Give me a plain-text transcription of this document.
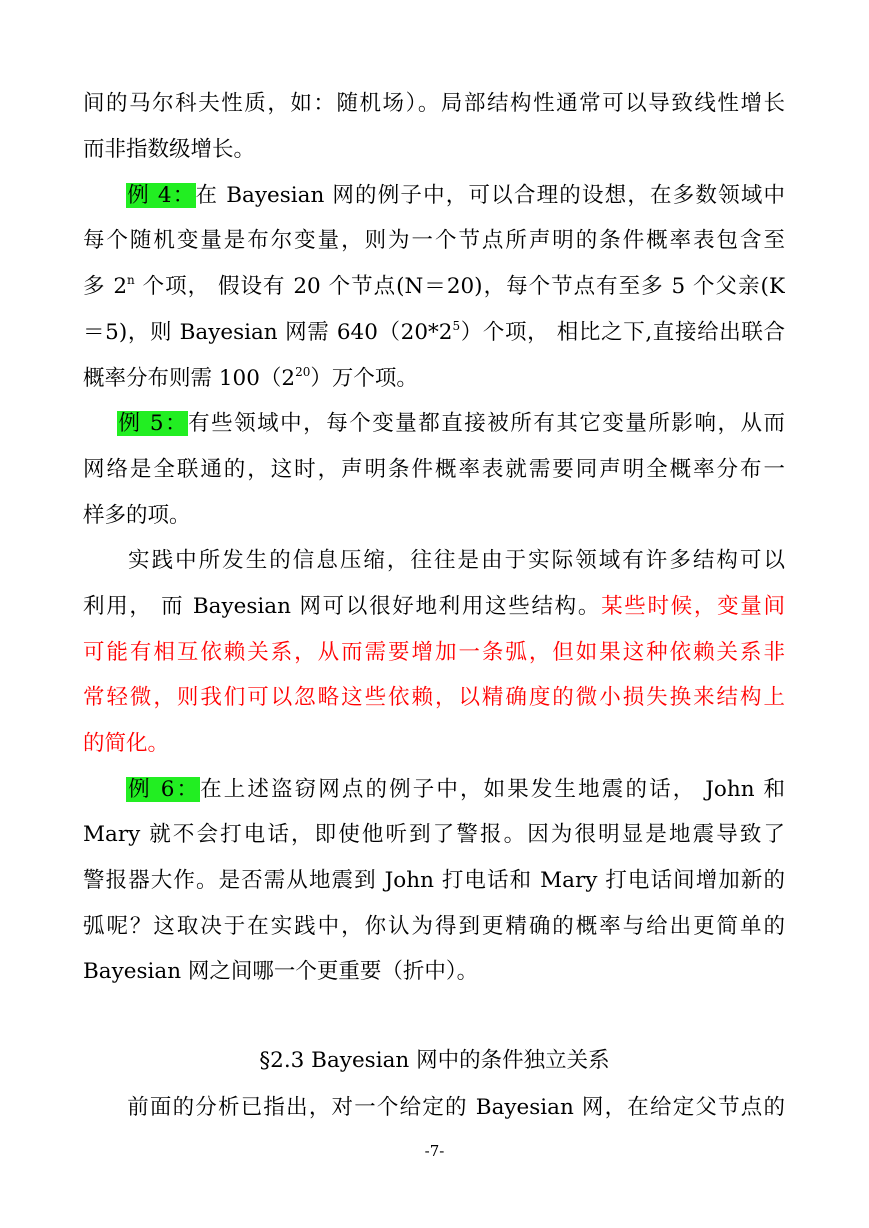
间的马尔科夫性质，如：随机场）。局部结构性通常可以导致线性增长
而非指数级增长。
例 4：在 Bayesian 网的例子中，可以合理的设想，在多数领域中
每个随机变量是布尔变量，则为一个节点所声明的条件概率表包含至
多 2$^n$ 个项， 假设有 20 个节点(N＝20)，每个节点有至多 5 个父亲(K
＝5)，则 Bayesian 网需 $640(20*2^5)$个项， 相比之下,直接给出联合
概率分布则需 $100(2^{20})$万个项。
例 5：有些领域中，每个变量都直接被所有其它变量所影响，从而
网络是全联通的，这时，声明条件概率表就需要同声明全概率分布一
样多的项。
实践中所发生的信息压缩，往往是由于实际领域有许多结构可以
利用， 而 Bayesian 网可以很好地利用这些结构。某些时候，变量间
可能有相互依赖关系，从而需要增加一条弧，但如果这种依赖关系非
常轻微，则我们可以忽略这些依赖，以精确度的微小损失换来结构上
的简化。
例 6：在上述盗窃网点的例子中，如果发生地震的话， John 和
Mary 就不会打电话，即使他听到了警报。因为很明显是地震导致了
警报器大作。是否需从地震到 John 打电话和 Mary 打电话间增加新的
弧呢？这取决于在实践中，你认为得到更精确的概率与给出更简单的
Bayesian 网之间哪一个更重要（折中）。
§2.3 Bayesian 网中的条件独立关系
前面的分析已指出，对一个给定的 Bayesian 网，在给定父节点的
-7-
